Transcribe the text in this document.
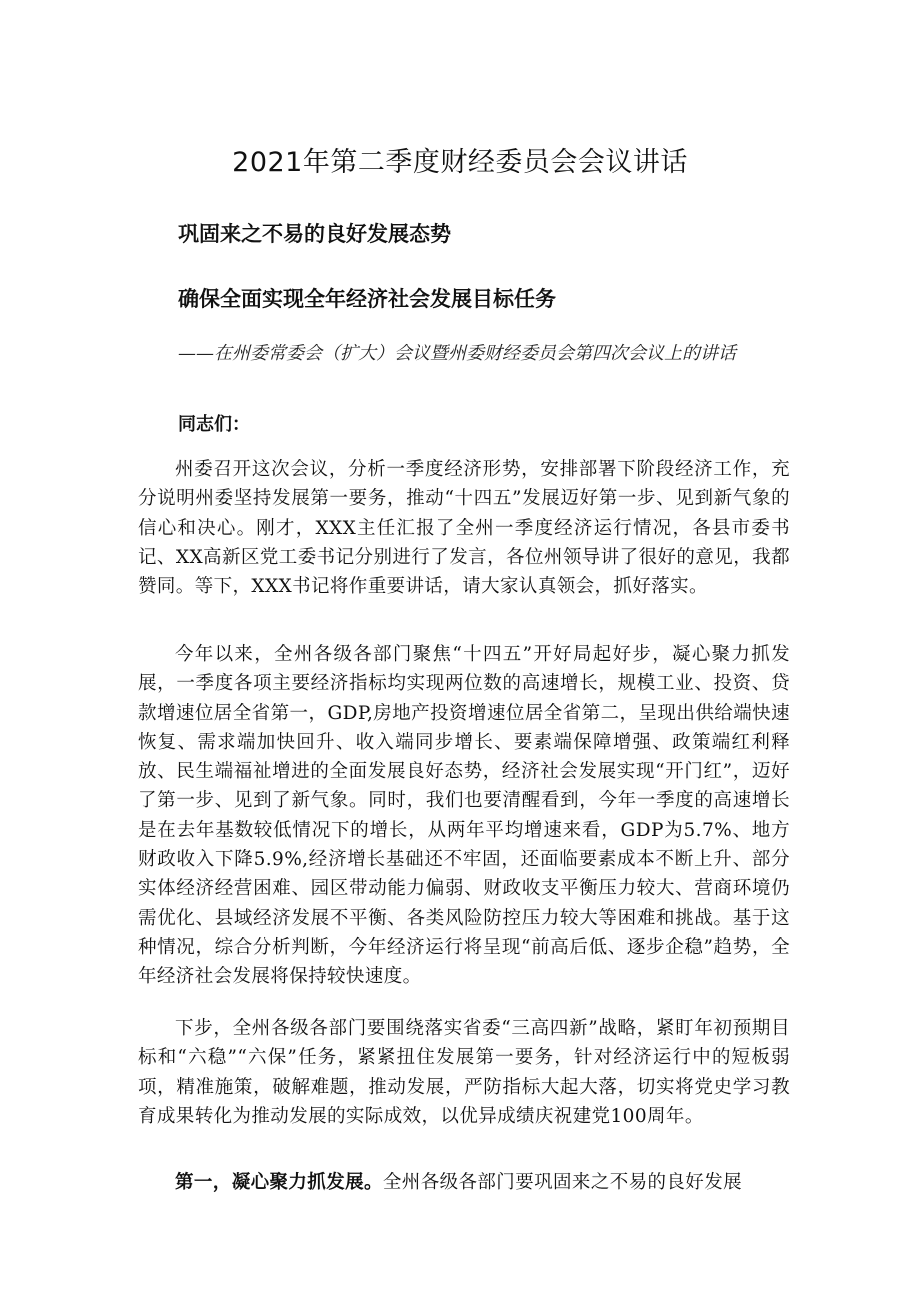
2021年第二季度财经委员会会议讲话
巩固来之不易的良好发展态势
确保全面实现全年经济社会发展目标任务
——在州委常委会（扩大）会议暨州委财经委员会第四次会议上的讲话
同志们：
州委召开这次会议，分析一季度经济形势，安排部署下阶段经济工作，充分说明州委坚持发展第一要务，推动“十四五”发展迈好第一步、见到新气象的信心和决心。刚才，XXX主任汇报了全州一季度经济运行情况，各县市委书记、XX高新区党工委书记分别进行了发言，各位州领导讲了很好的意见，我都赞同。等下，XXX书记将作重要讲话，请大家认真领会，抓好落实。
今年以来，全州各级各部门聚焦“十四五”开好局起好步，凝心聚力抓发展，一季度各项主要经济指标均实现两位数的高速增长，规模工业、投资、贷款增速位居全省第一，GDP,房地产投资增速位居全省第二，呈现出供给端快速恢复、需求端加快回升、收入端同步增长、要素端保障增强、政策端红利释放、民生端福祉增进的全面发展良好态势，经济社会发展实现“开门红”，迈好了第一步、见到了新气象。同时，我们也要清醒看到，今年一季度的高速增长是在去年基数较低情况下的增长，从两年平均增速来看，GDP为5.7%、地方财政收入下降5.9%,经济增长基础还不牢固，还面临要素成本不断上升、部分实体经济经营困难、园区带动能力偏弱、财政收支平衡压力较大、营商环境仍需优化、县域经济发展不平衡、各类风险防控压力较大等困难和挑战。基于这种情况，综合分析判断，今年经济运行将呈现“前高后低、逐步企稳”趋势，全年经济社会发展将保持较快速度。
下步，全州各级各部门要围绕落实省委“三高四新”战略，紧盯年初预期目标和“六稳”“六保”任务，紧紧扭住发展第一要务，针对经济运行中的短板弱项，精准施策，破解难题，推动发展，严防指标大起大落，切实将党史学习教育成果转化为推动发展的实际成效，以优异成绩庆祝建党100周年。
第一，凝心聚力抓发展。全州各级各部门要巩固来之不易的良好发展
